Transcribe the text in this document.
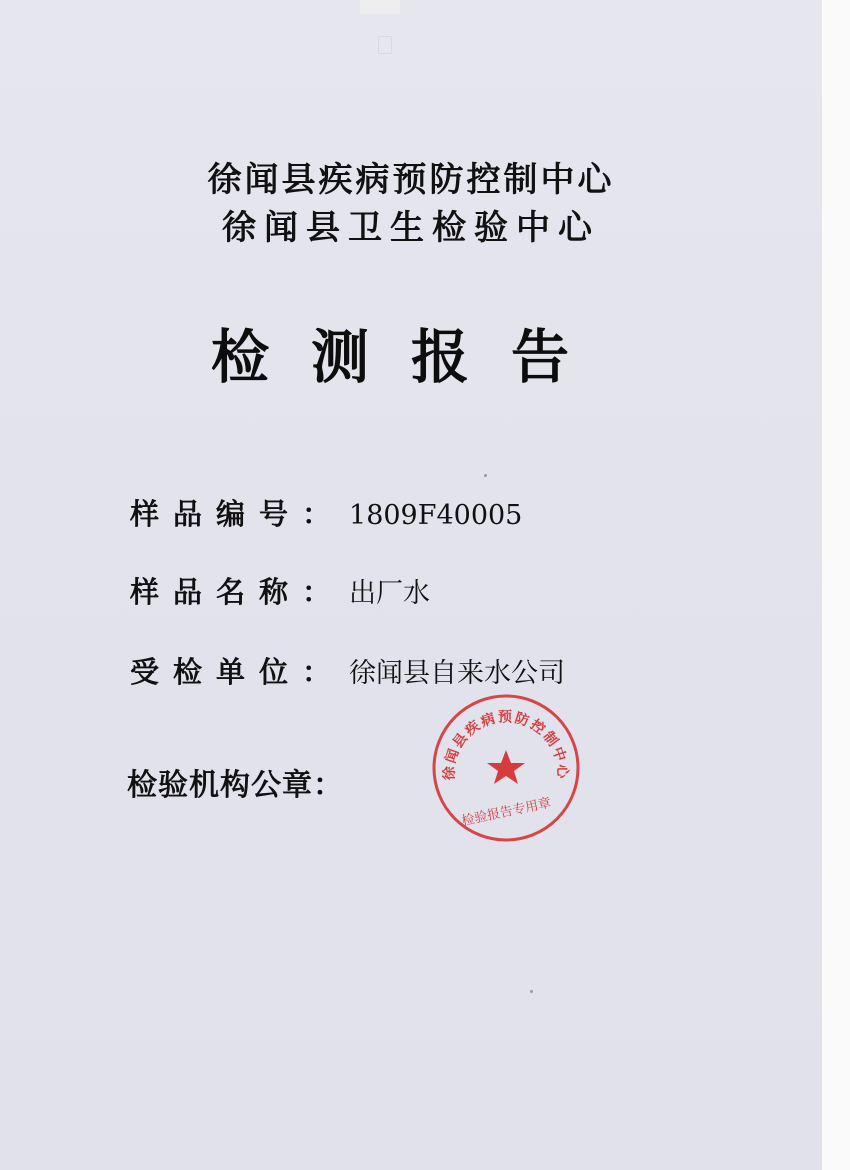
徐闻县疾病预防控制中心
徐闻县卫生检验中心
检测报告
样品编号： 1809F40005
样品名称： 出厂水
受检单位： 徐闻县自来水公司
检验机构公章：	徐闻县疾病预防控制中心
检验报告专用章
